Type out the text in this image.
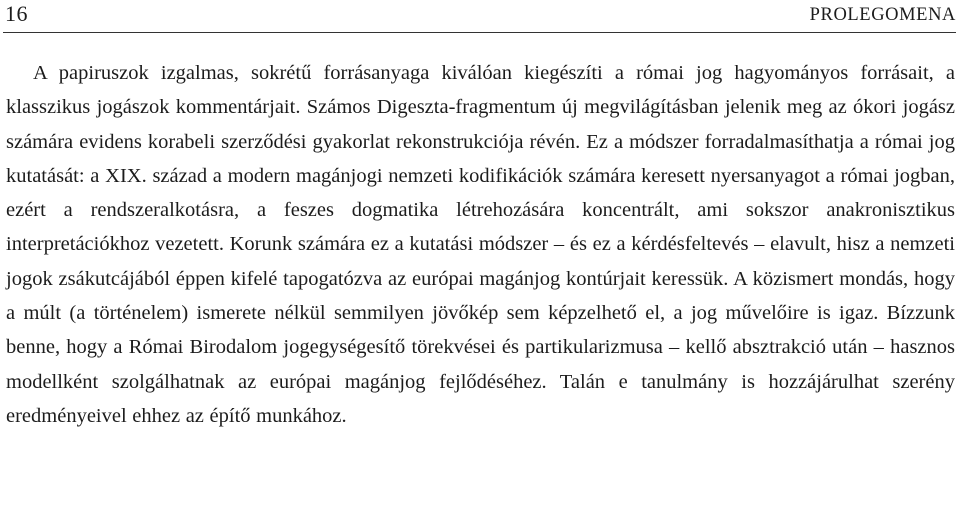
16	PROLEGOMENA

A papiruszok izgalmas, sokrétű forrásanyaga kiválóan kiegészíti a római jog hagyományos forrásait, a klasszikus jogászok kommentárjait. Számos Digeszta-fragmentum új megvilágításban jelenik meg az ókori jogász számára evidens korabeli szerződési gyakorlat rekonstrukciója révén. Ez a módszer forradalmasíthatja a római jog kutatását: a XIX. század a modern magánjogi nemzeti kodifikációk számára keresett nyersanyagot a római jogban, ezért a rendszeralkotásra, a feszes dogmatika létrehozására koncentrált, ami sokszor anakronisztikus interpretációkhoz vezetett. Korunk számára ez a kutatási módszer – és ez a kérdésfeltevés – elavult, hisz a nemzeti jogok zsákutcájából éppen kifelé tapogatózva az európai magánjog kontúrjait keressük. A közismert mondás, hogy a múlt (a történelem) ismerete nélkül semmilyen jövőkép sem képzelhető el, a jog művelőire is igaz. Bízzunk benne, hogy a Római Birodalom jogegységesítő törekvései és partikularizmusa – kellő absztrakció után – hasznos modellként szolgálhatnak az európai magánjog fejlődéséhez. Talán e tanulmány is hozzájárulhat szerény eredményeivel ehhez az építő munkához.
